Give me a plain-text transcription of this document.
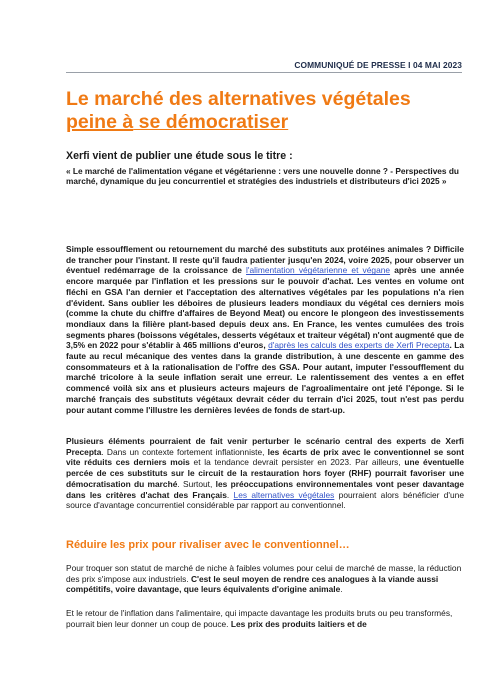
COMMUNIQUÉ DE PRESSE I 04 MAI 2023
Le marché des alternatives végétales
peine à se démocratiser

Xerfi vient de publier une étude sous le titre :

« Le marché de l'alimentation végane et végétarienne : vers une nouvelle donne ? - Perspectives du marché, dynamique du jeu concurrentiel et stratégies des industriels et distributeurs d'ici 2025 »

Simple essoufflement ou retournement du marché des substituts aux protéines animales ? Difficile de trancher pour l'instant. Il reste qu'il faudra patienter jusqu'en 2024, voire 2025, pour observer un éventuel redémarrage de la croissance de l'alimentation végétarienne et végane après une année encore marquée par l'inflation et les pressions sur le pouvoir d'achat. Les ventes en volume ont fléchi en GSA l'an dernier et l'acceptation des alternatives végétales par les populations n'a rien d'évident. Sans oublier les déboires de plusieurs leaders mondiaux du végétal ces derniers mois (comme la chute du chiffre d'affaires de Beyond Meat) ou encore le plongeon des investissements mondiaux dans la filière plant-based depuis deux ans. En France, les ventes cumulées des trois segments phares (boissons végétales, desserts végétaux et traiteur végétal) n'ont augmenté que de 3,5% en 2022 pour s'établir à 465 millions d'euros, d'après les calculs des experts de Xerfi Precepta. La faute au recul mécanique des ventes dans la grande distribution, à une descente en gamme des consommateurs et à la rationalisation de l'offre des GSA. Pour autant, imputer l'essoufflement du marché tricolore à la seule inflation serait une erreur. Le ralentissement des ventes a en effet commencé voilà six ans et plusieurs acteurs majeurs de l'agroalimentaire ont jeté l'éponge. Si le marché français des substituts végétaux devrait céder du terrain d'ici 2025, tout n'est pas perdu pour autant comme l'illustre les dernières levées de fonds de start-up.

Plusieurs éléments pourraient de fait venir perturber le scénario central des experts de Xerfi Precepta. Dans un contexte fortement inflationniste, les écarts de prix avec le conventionnel se sont vite réduits ces derniers mois et la tendance devrait persister en 2023. Par ailleurs, une éventuelle percée de ces substituts sur le circuit de la restauration hors foyer (RHF) pourrait favoriser une démocratisation du marché. Surtout, les préoccupations environnementales vont peser davantage dans les critères d'achat des Français. Les alternatives végétales pourraient alors bénéficier d'une source d'avantage concurrentiel considérable par rapport au conventionnel.

Réduire les prix pour rivaliser avec le conventionnel…

Pour troquer son statut de marché de niche à faibles volumes pour celui de marché de masse, la réduction des prix s'impose aux industriels. C'est le seul moyen de rendre ces analogues à la viande aussi compétitifs, voire davantage, que leurs équivalents d'origine animale.

Et le retour de l'inflation dans l'alimentaire, qui impacte davantage les produits bruts ou peu transformés, pourrait bien leur donner un coup de pouce. Les prix des produits laitiers et de
